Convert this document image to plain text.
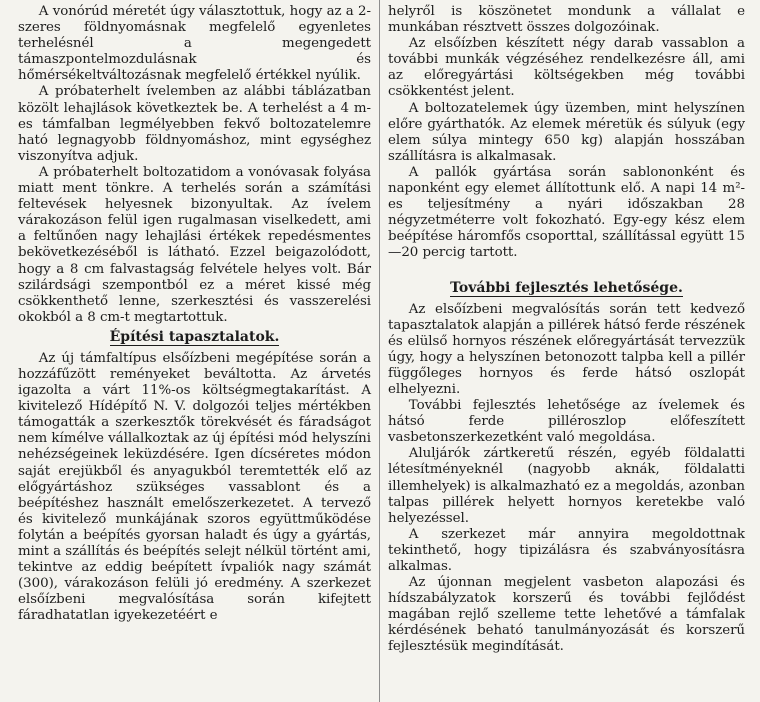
A vonórúd méretét úgy választottuk, hogy az a 2-szeres földnyomásnak megfelelő egyenletes terhelésnél a megengedett támaszpontelmozdulásnak és hőmérsékeltváltozásnak megfelelő értékkel nyúlik.

A próbaterhelt ívelemben az alábbi táblázatban közölt lehajlások következtek be. A terhelést a 4 m-es támfalban legmélyebben fekvő boltozatelemre ható legnagyobb földnyomáshoz, mint egységhez viszonyítva adjuk.

A próbaterhelt boltozatidom a vonóvasak folyása miatt ment tönkre. A terhelés során a számítási feltevések helyesnek bizonyultak. Az ívelem várakozáson felül igen rugalmasan viselkedett, ami a feltűnően nagy lehajlási értékek repedésmentes bekövetkezéséből is látható. Ezzel beigazolódott, hogy a 8 cm falvastagság felvétele helyes volt. Bár szilárdsági szempontból ez a méret kissé még csökkenthető lenne, szerkesztési és vasszerelési okokból a 8 cm-t megtartottuk.

Építési tapasztalatok.

Az új támfaltípus elsőízbeni megépítése során a hozzáfűzött reményeket beváltotta. Az árvetés igazolta a várt 11%-os költségmegtakarítást. A kivitelező Hídépítő N. V. dolgozói teljes mértékben támogatták a szerkesztők törekvését és fáradságot nem kímélve vállalkoztak az új építési mód helyszíni nehézségeinek leküzdésére. Igen dícséretes módon saját erejükből és anyagukból teremtették elő az előgyártáshoz szükséges vassablont és a beépítéshez használt emelőszerkezetet. A tervező és kivitelező munkájának szoros együttműködése folytán a beépítés gyorsan haladt és úgy a gyártás, mint a szállítás és beépítés selejt nélkül történt ami, tekintve az eddig beépített ívpaliók nagy számát (300), várakozáson felüli jó eredmény. A szerkezet elsőízbeni megvalósítása során kifejtett fáradhatatlan igyekezetéért e

helyről is köszönetet mondunk a vállalat e munkában résztvett összes dolgozóinak.

Az elsőízben készített négy darab vassablon a további munkák végzéséhez rendelkezésre áll, ami az előregyártási költségekben még további csökkentést jelent.

A boltozatelemek úgy üzemben, mint helyszínen előre gyárthatók. Az elemek méretük és súlyuk (egy elem súlya mintegy 650 kg) alapján hosszában szállításra is alkalmasak.

A pallók gyártása során sablononként és naponként egy elemet állítottunk elő. A napi 14 m²-es teljesítmény a nyári időszakban 28 négyzetméterre volt fokozható. Egy-egy kész elem beépítése háromfős csoporttal, szállítással együtt 15—20 percig tartott.

További fejlesztés lehetősége.

Az elsőízbeni megvalósítás során tett kedvező tapasztalatok alapján a pillérek hátsó ferde részének és elülső hornyos részének előregyártását tervezzük úgy, hogy a helyszínen betonozott talpba kell a pillér függőleges hornyos és ferde hátsó oszlopát elhelyezni.

További fejlesztés lehetősége az ívelemek és hátsó ferde pilléroszlop előfeszített vasbetonszerkezetként való megoldása.

Aluljárók zártkeretű részén, egyéb földalatti létesítményeknél (nagyobb aknák, földalatti illemhelyek) is alkalmazható ez a megoldás, azonban talpas pillérek helyett hornyos keretekbe való helyezéssel.

A szerkezet már annyira megoldottnak tekinthető, hogy tipizálásra és szabványosításra alkalmas.

Az újonnan megjelent vasbeton alapozási és hídszabályzatok korszerű és további fejlődést magában rejlő szelleme tette lehetővé a támfalak kérdésének beható tanulmányozását és korszerű fejlesztésük megindítását.
